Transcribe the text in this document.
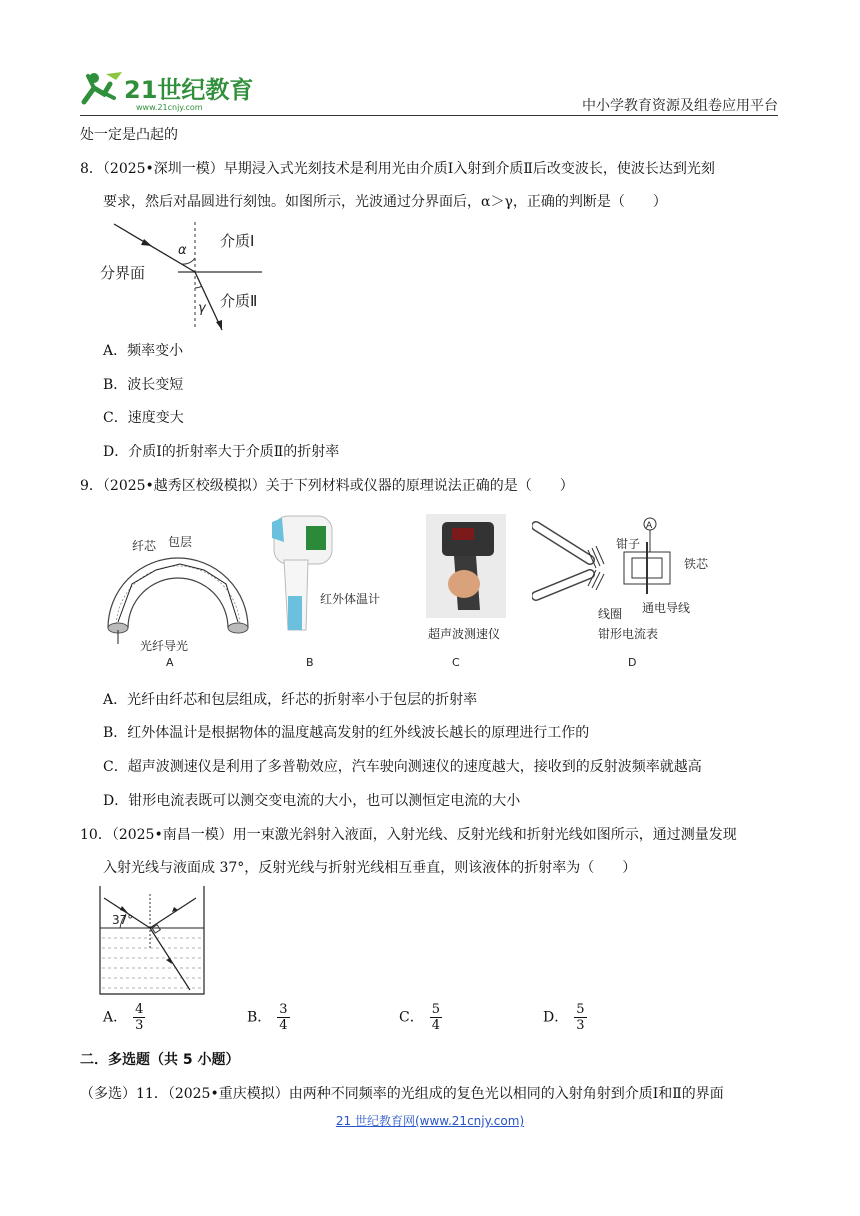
21世纪教育
www.21cnjy.com	中小学教育资源及组卷应用平台
处一定是凸起的
8．（2025•深圳一模）早期浸入式光刻技术是利用光由介质Ⅰ入射到介质Ⅱ后改变波长，使波长达到光刻
要求，然后对晶圆进行刻蚀。如图所示，光波通过分界面后，α＞γ，正确的判断是（　　）
α
γ
介质Ⅰ
介质Ⅱ
分界面
A．频率变小
B．波长变短
C．速度变大
D．介质Ⅰ的折射率大于介质Ⅱ的折射率
9．（2025•越秀区校级模拟）关于下列材料或仪器的原理说法正确的是（　　）
纤芯 包层
光纤导光
A
红外体温计
B
超声波测速仪
C
A
钳子
铁芯
线圈 通电导线
钳形电流表
D
A．光纤由纤芯和包层组成，纤芯的折射率小于包层的折射率
B．红外体温计是根据物体的温度越高发射的红外线波长越长的原理进行工作的
C．超声波测速仪是利用了多普勒效应，汽车驶向测速仪的速度越大，接收到的反射波频率就越高
D．钳形电流表既可以测交变电流的大小，也可以测恒定电流的大小
10．（2025•南昌一模）用一束激光斜射入液面，入射光线、反射光线和折射光线如图所示，通过测量发现
入射光线与液面成 37°，反射光线与折射光线相互垂直，则该液体的折射率为（　　）
37°
A． $\frac{4}{3}$	B． $\frac{3}{4}$	C． $\frac{5}{4}$	D． $\frac{5}{3}$
二．多选题（共 5 小题）
（多选）11．（2025•重庆模拟）由两种不同频率的光组成的复色光以相同的入射角射到介质Ⅰ和Ⅱ的界面
21 世纪教育网(www.21cnjy.com)
